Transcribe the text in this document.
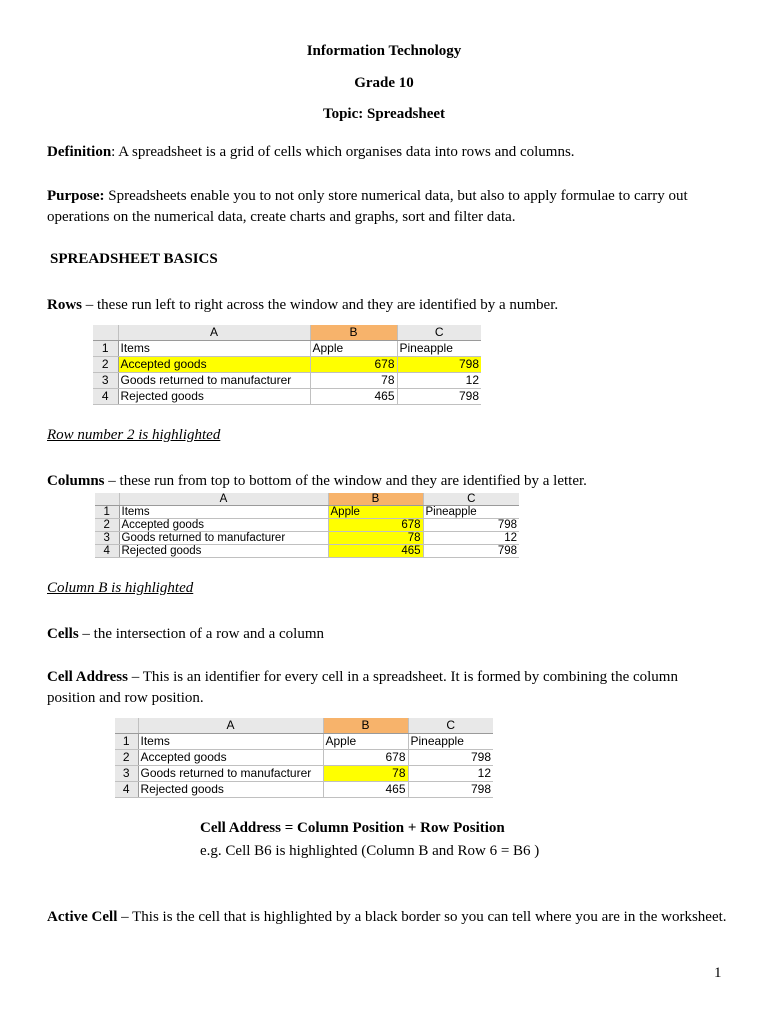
Information Technology
Grade 10
Topic: Spreadsheet
Definition: A spreadsheet is a grid of cells which organises data into rows and columns.
Purpose: Spreadsheets enable you to not only store numerical data, but also to apply formulae to carry out operations on the numerical data, create charts and graphs, sort and filter data.
SPREADSHEET BASICS
Rows – these run left to right across the window and they are identified by a number.
	A	B	C
1	Items	Apple	Pineapple
2	Accepted goods	678	798
3	Goods returned to manufacturer	78	12
4	Rejected goods	465	798
Row number 2 is highlighted
Columns – these run from top to bottom of the window and they are identified by a letter.
	A	B	C
1	Items	Apple	Pineapple
2	Accepted goods	678	798
3	Goods returned to manufacturer	78	12
4	Rejected goods	465	798
Column B is highlighted
Cells – the intersection of a row and a column
Cell Address – This is an identifier for every cell in a spreadsheet. It is formed by combining the column position and row position.
	A	B	C
1	Items	Apple	Pineapple
2	Accepted goods	678	798
3	Goods returned to manufacturer	78	12
4	Rejected goods	465	798
Cell Address = Column Position + Row Position
e.g. Cell B6 is highlighted (Column B and Row 6 = B6 )
Active Cell – This is the cell that is highlighted by a black border so you can tell where you are in the worksheet.
1
